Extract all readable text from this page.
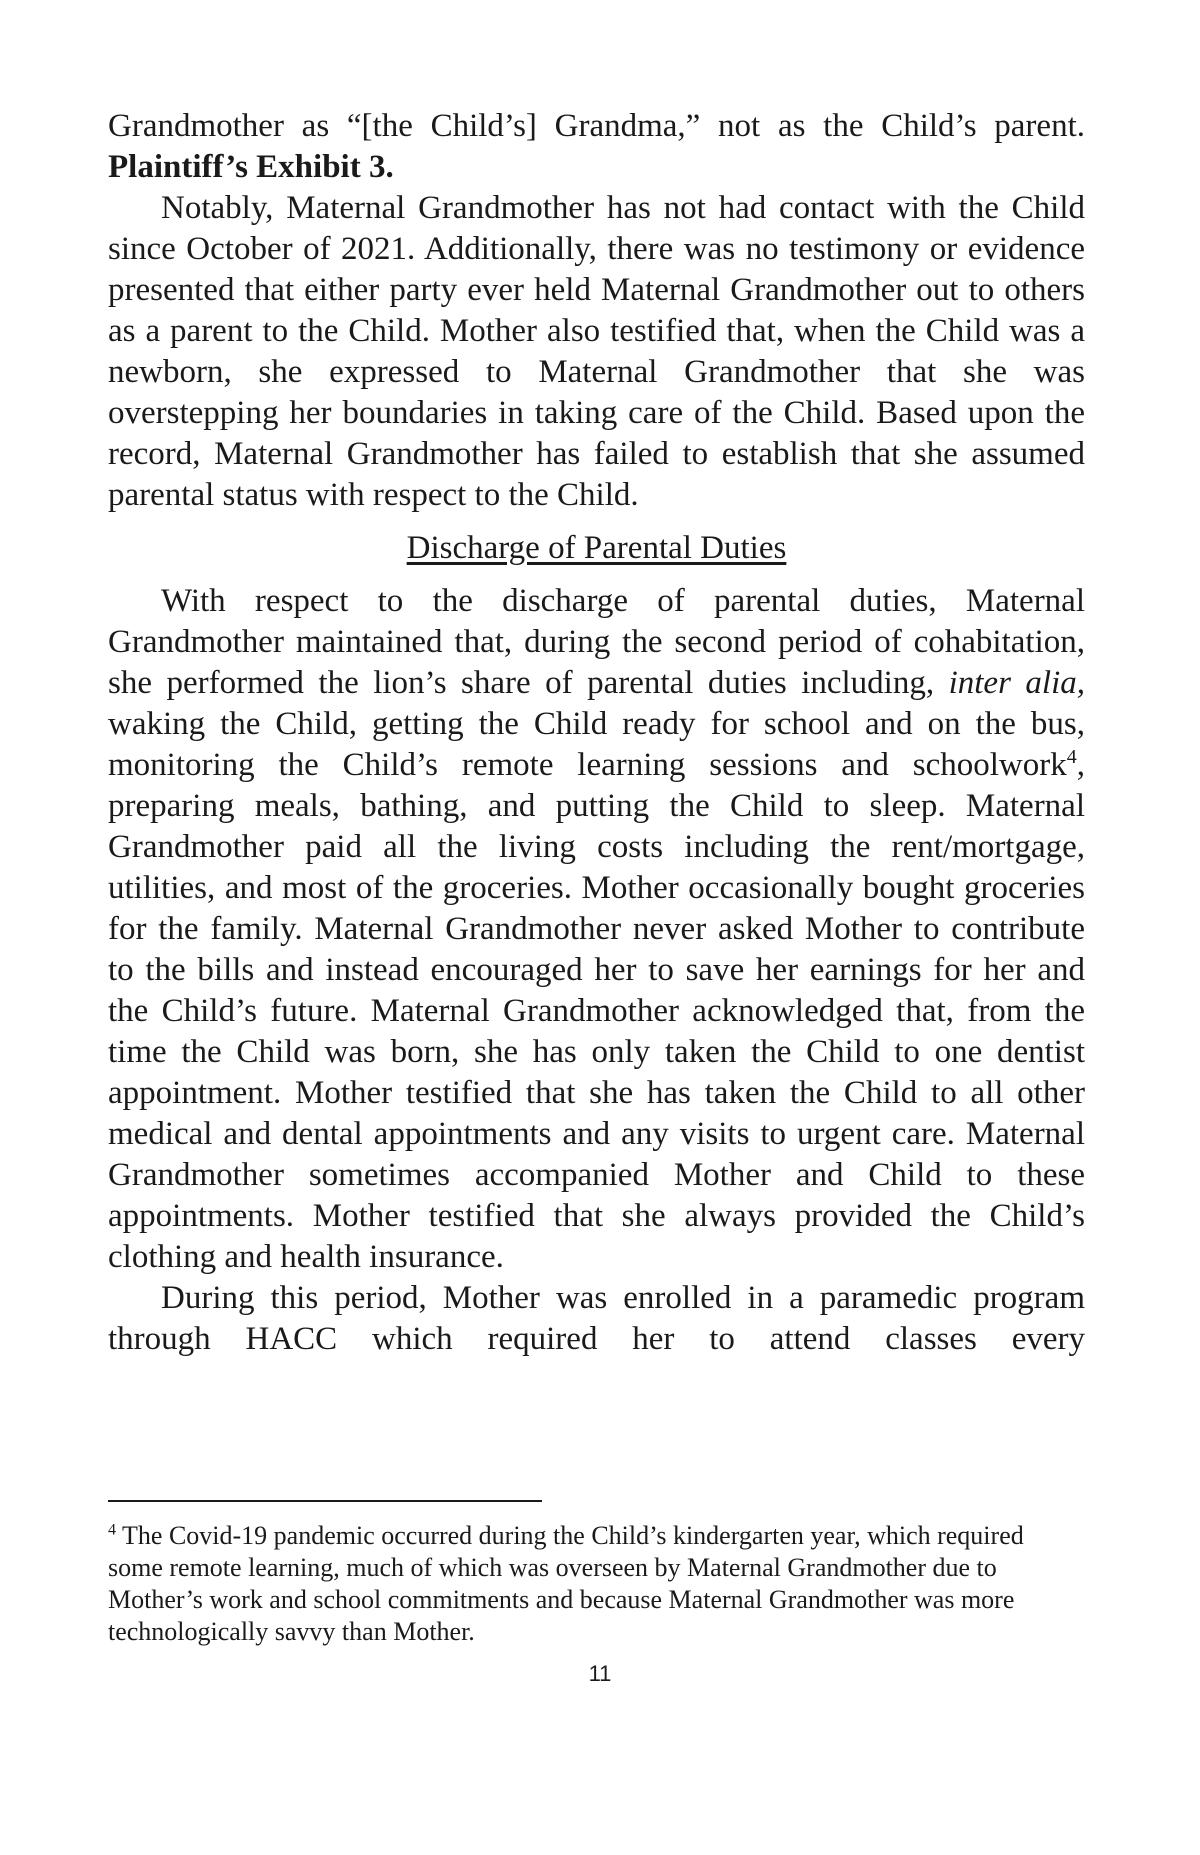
Grandmother as “[the Child’s] Grandma,” not as the Child’s parent. Plaintiff’s Exhibit 3.

Notably, Maternal Grandmother has not had contact with the Child since October of 2021. Additionally, there was no testimony or evidence presented that either party ever held Maternal Grandmother out to others as a parent to the Child. Mother also testified that, when the Child was a newborn, she expressed to Maternal Grandmother that she was overstepping her boundaries in taking care of the Child. Based upon the record, Maternal Grandmother has failed to establish that she assumed parental status with respect to the Child.

Discharge of Parental Duties

With respect to the discharge of parental duties, Maternal Grandmother maintained that, during the second period of cohabitation, she performed the lion’s share of parental duties including, inter alia, waking the Child, getting the Child ready for school and on the bus, monitoring the Child’s remote learning sessions and schoolwork$^4$, preparing meals, bathing, and putting the Child to sleep. Maternal Grandmother paid all the living costs including the rent/mortgage, utilities, and most of the groceries. Mother occasionally bought groceries for the family. Maternal Grandmother never asked Mother to contribute to the bills and instead encouraged her to save her earnings for her and the Child’s future. Maternal Grandmother acknowledged that, from the time the Child was born, she has only taken the Child to one dentist appointment. Mother testified that she has taken the Child to all other medical and dental appointments and any visits to urgent care. Maternal Grandmother sometimes accompanied Mother and Child to these appointments. Mother testified that she always provided the Child’s clothing and health insurance.

During this period, Mother was enrolled in a paramedic program through HACC which required her to attend classes every

$^4$ The Covid-19 pandemic occurred during the Child’s kindergarten year, which required some remote learning, much of which was overseen by Maternal Grandmother due to Mother’s work and school commitments and because Maternal Grandmother was more technologically savvy than Mother.

11
